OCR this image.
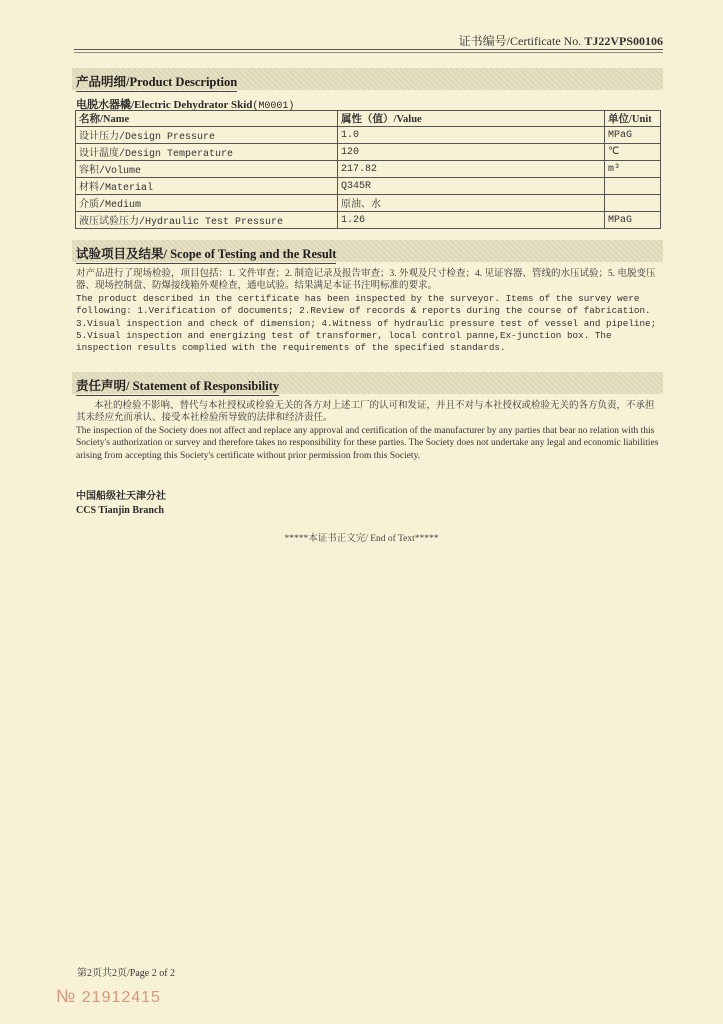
证书编号/Certificate No. TJ22VPS00106
产品明细/Product Description
电脱水器橇/Electric Dehydrator Skid(M0001)
名称/Name	属性（值）/Value	单位/Unit
设计压力/Design Pressure	1.0	MPaG
设计温度/Design Temperature	120	℃
容积/Volume	217.82	m³
材料/Material	Q345R	
介质/Medium	原油、水	
液压试验压力/Hydraulic Test Pressure	1.26	MPaG
试验项目及结果/ Scope of Testing and the Result
对产品进行了现场检验，项目包括：1. 文件审查；2. 制造记录及报告审查；3. 外观及尺寸检查；4. 见证容器、管线的水压试验；5. 电脱变压器、现场控制盘、防爆接线箱外观检查，通电试验。结果满足本证书注明标准的要求。
The product described in the certificate has been inspected by the surveyor. Items of the survey were following: 1.Verification of documents; 2.Review of records & reports during the course of fabrication. 3.Visual inspection and check of dimension; 4.Witness of hydraulic pressure test of vessel and pipeline; 5.Visual inspection and energizing test of transformer, local control panne,Ex-junction box. The inspection results complied with the requirements of the specified standards.
责任声明/ Statement of Responsibility
本社的检验不影响、替代与本社授权或检验无关的各方对上述工厂的认可和发证，并且不对与本社授权或检验无关的各方负责，不承担其未经应允而承认、接受本社检验所导致的法律和经济责任。
The inspection of the Society does not affect and replace any approval and certification of the manufacturer by any parties that bear no relation with this Society's authorization or survey and therefore takes no responsibility for these parties. The Society does not undertake any legal and economic liabilities arising from accepting this Society's certificate without prior permission from this Society.
中国船级社天津分社
CCS Tianjin Branch
*****本证书正文完/ End of Text*****
第2页共2页/Page 2 of 2
№ 21912415
